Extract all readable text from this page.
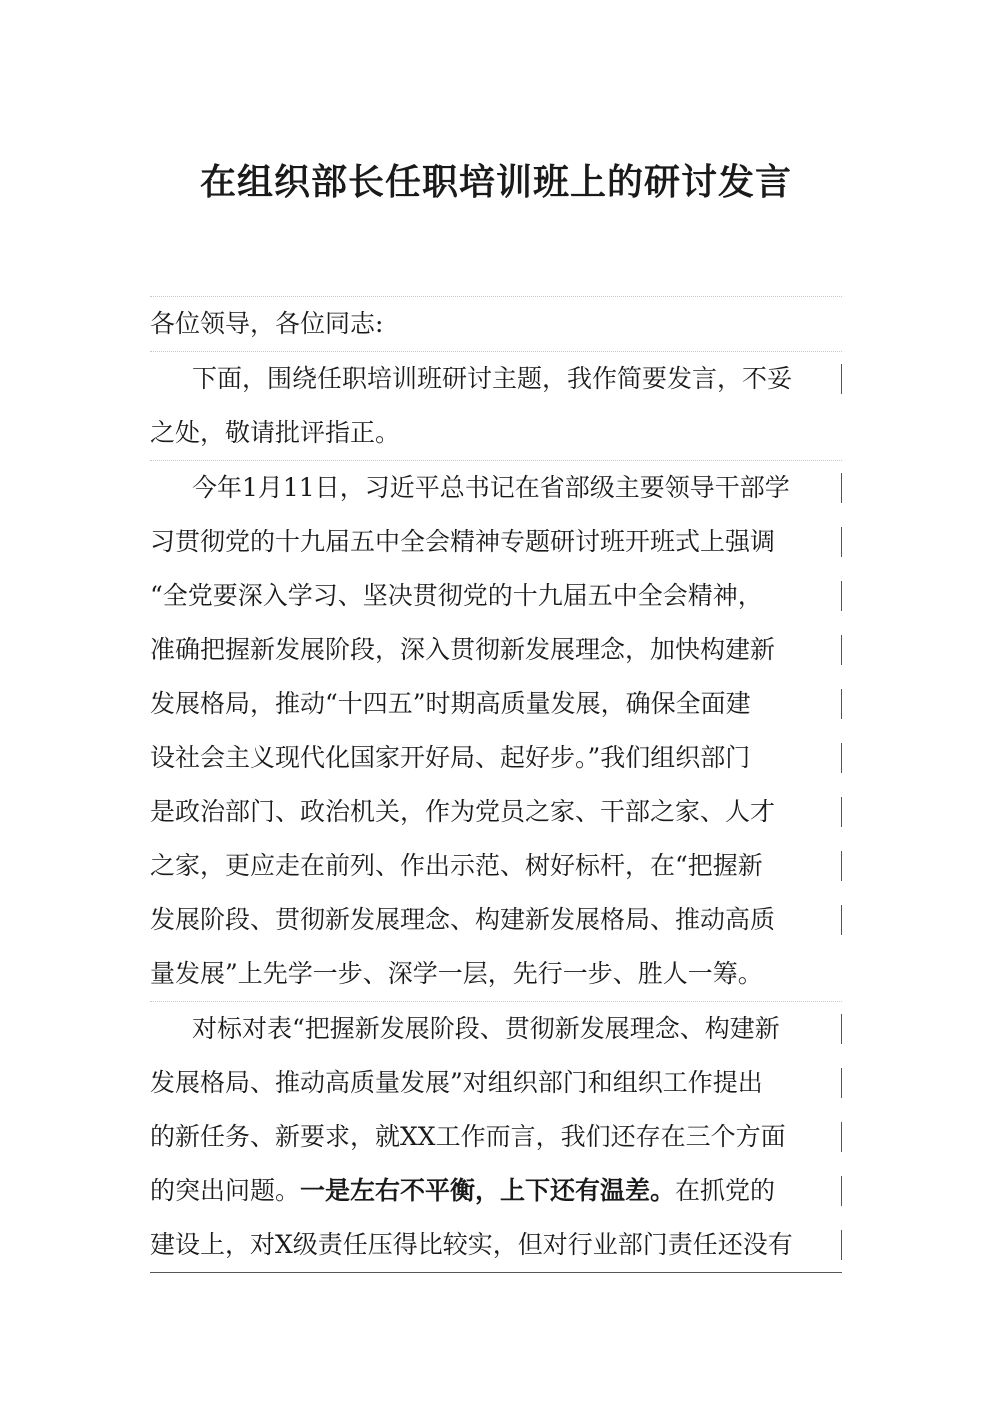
在组织部长任职培训班上的研讨发言
各位领导，各位同志:
下面，围绕任职培训班研讨主题，我作简要发言，不妥
之处，敬请批评指正。
今年1月11日，习近平总书记在省部级主要领导干部学
习贯彻党的十九届五中全会精神专题研讨班开班式上强调
“全党要深入学习、坚决贯彻党的十九届五中全会精神，
准确把握新发展阶段，深入贯彻新发展理念，加快构建新
发展格局，推动“十四五”时期高质量发展，确保全面建
设社会主义现代化国家开好局、起好步。”我们组织部门
是政治部门、政治机关，作为党员之家、干部之家、人才
之家，更应走在前列、作出示范、树好标杆，在“把握新
发展阶段、贯彻新发展理念、构建新发展格局、推动高质
量发展”上先学一步、深学一层，先行一步、胜人一筹。
对标对表“把握新发展阶段、贯彻新发展理念、构建新
发展格局、推动高质量发展”对组织部门和组织工作提出
的新任务、新要求，就XX工作而言，我们还存在三个方面
的突出问题。一是左右不平衡，上下还有温差。在抓党的
建设上，对X级责任压得比较实，但对行业部门责任还没有
